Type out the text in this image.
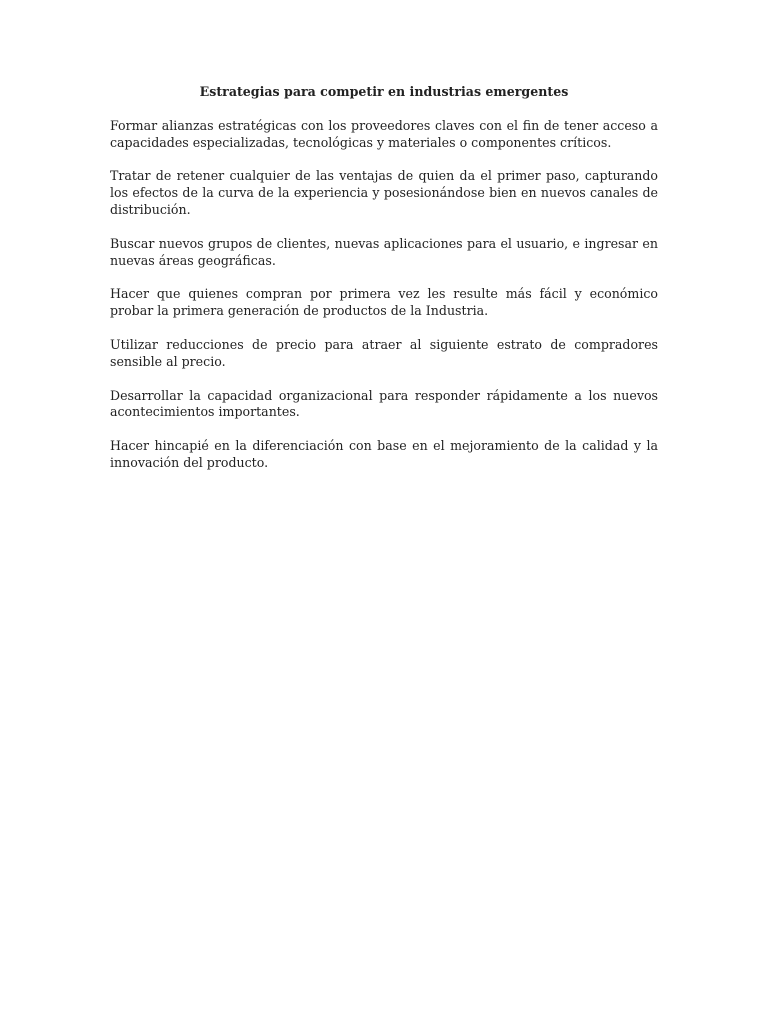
Estrategias para competir en industrias emergentes

Formar alianzas estratégicas con los proveedores claves con el fin de tener acceso a capacidades especializadas, tecnológicas y materiales o componentes críticos.

Tratar de retener cualquier de las ventajas de quien da el primer paso, capturando los efectos de la curva de la experiencia y posesionándose bien en nuevos canales de distribución.

Buscar nuevos grupos de clientes, nuevas aplicaciones para el usuario, e ingresar en nuevas áreas geográficas.

Hacer que quienes compran por primera vez les resulte más fácil y económico probar la primera generación de productos de la Industria.

Utilizar reducciones de precio para atraer al siguiente estrato de compradores sensible al precio.

Desarrollar la capacidad organizacional para responder rápidamente a los nuevos acontecimientos importantes.

Hacer hincapié en la diferenciación con base en el mejoramiento de la calidad y la innovación del producto.
